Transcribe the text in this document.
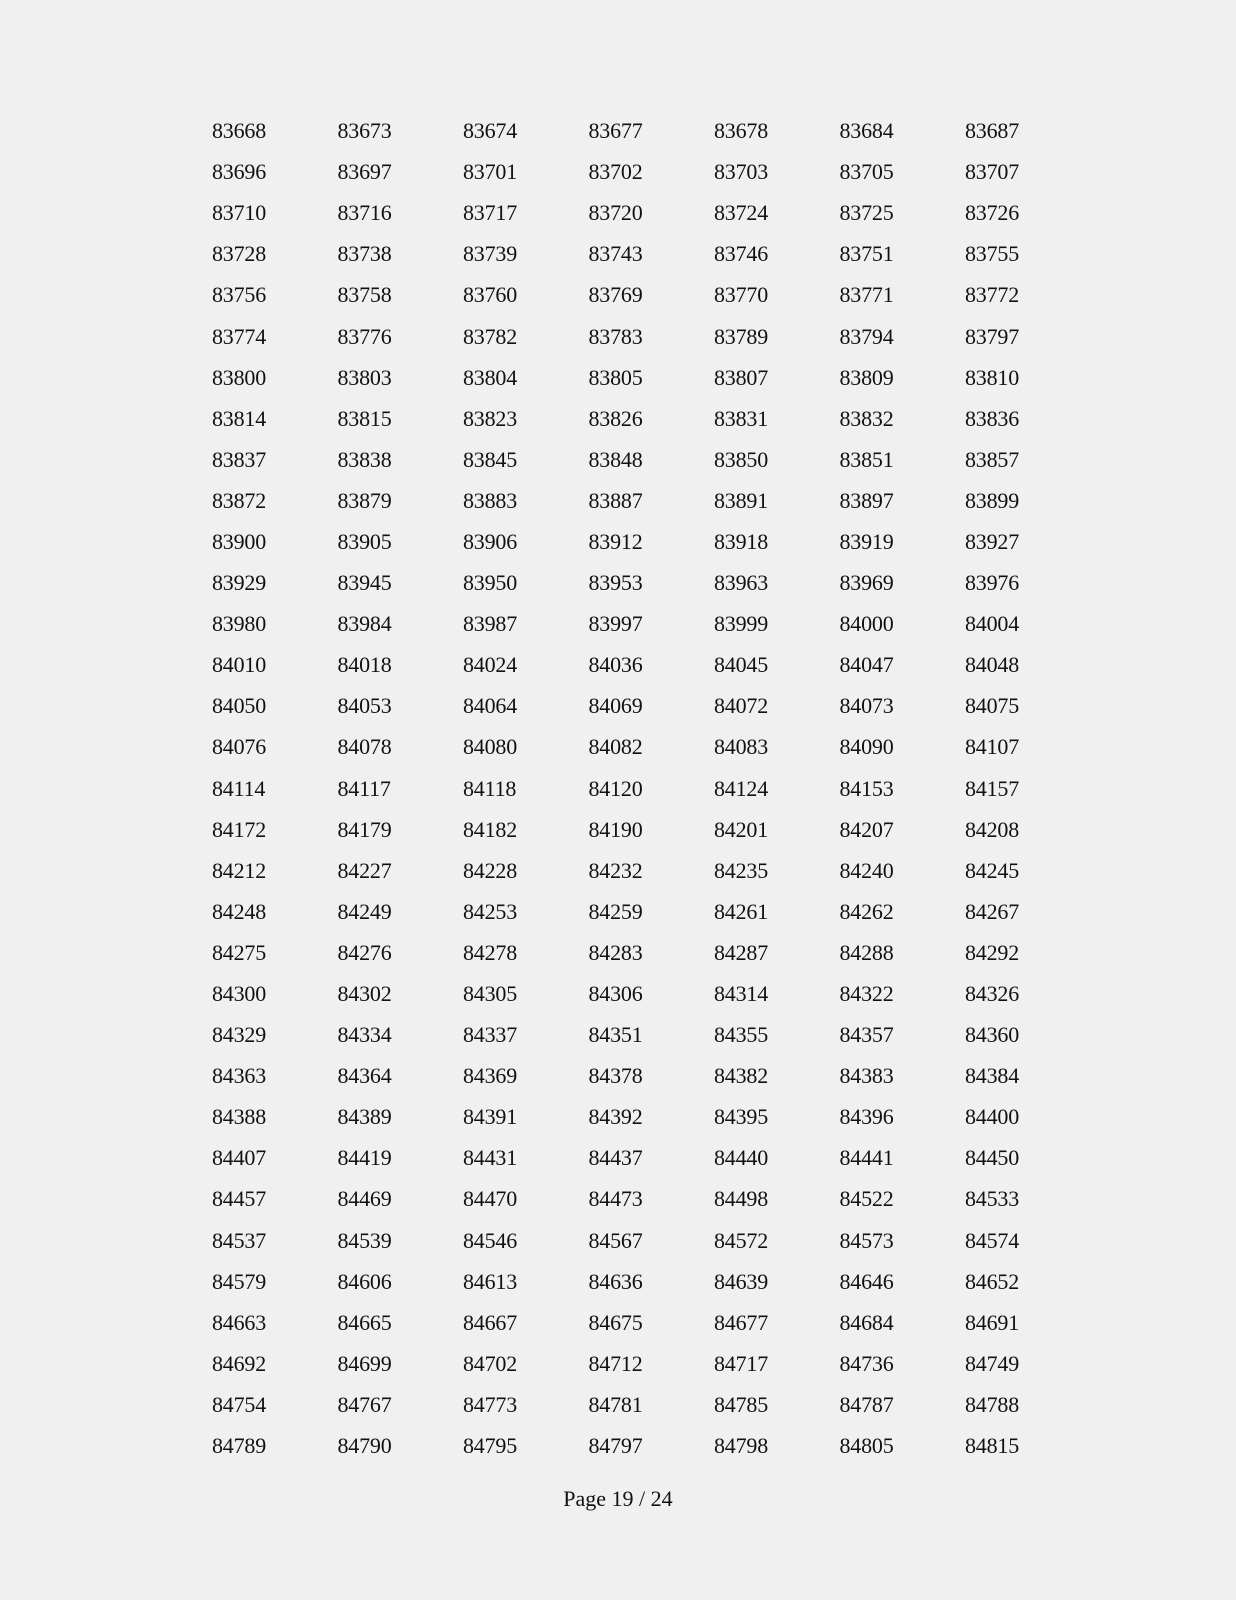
83668	83673	83674	83677	83678	83684	83687
83696	83697	83701	83702	83703	83705	83707
83710	83716	83717	83720	83724	83725	83726
83728	83738	83739	83743	83746	83751	83755
83756	83758	83760	83769	83770	83771	83772
83774	83776	83782	83783	83789	83794	83797
83800	83803	83804	83805	83807	83809	83810
83814	83815	83823	83826	83831	83832	83836
83837	83838	83845	83848	83850	83851	83857
83872	83879	83883	83887	83891	83897	83899
83900	83905	83906	83912	83918	83919	83927
83929	83945	83950	83953	83963	83969	83976
83980	83984	83987	83997	83999	84000	84004
84010	84018	84024	84036	84045	84047	84048
84050	84053	84064	84069	84072	84073	84075
84076	84078	84080	84082	84083	84090	84107
84114	84117	84118	84120	84124	84153	84157
84172	84179	84182	84190	84201	84207	84208
84212	84227	84228	84232	84235	84240	84245
84248	84249	84253	84259	84261	84262	84267
84275	84276	84278	84283	84287	84288	84292
84300	84302	84305	84306	84314	84322	84326
84329	84334	84337	84351	84355	84357	84360
84363	84364	84369	84378	84382	84383	84384
84388	84389	84391	84392	84395	84396	84400
84407	84419	84431	84437	84440	84441	84450
84457	84469	84470	84473	84498	84522	84533
84537	84539	84546	84567	84572	84573	84574
84579	84606	84613	84636	84639	84646	84652
84663	84665	84667	84675	84677	84684	84691
84692	84699	84702	84712	84717	84736	84749
84754	84767	84773	84781	84785	84787	84788
84789	84790	84795	84797	84798	84805	84815
Page 19 / 24
